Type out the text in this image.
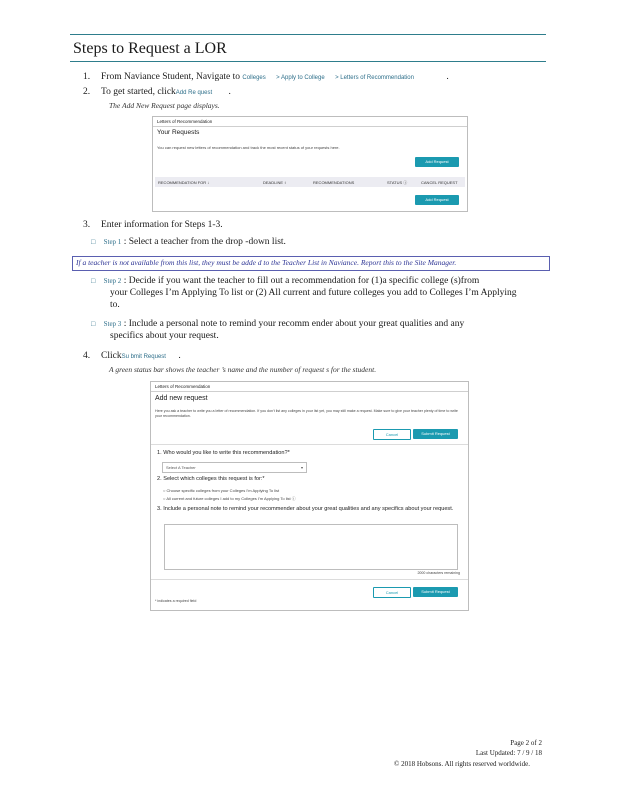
Steps to Request a LOR
1. From Naviance Student, Navigate to Colleges > Apply to College > Letters of Recommendation	.
2. To get started, clickAdd Re quest .
The Add New Request page displays.
Letters of Recommendation
Your Requests
You can request new letters of recommendation and track the most recent status of your requests here.
Add Request
RECOMMENDATION FOR ↓	DEADLINE ↕	RECOMMENDATIONS	STATUS ⓘ	CANCEL REQUEST
Add Request
3. Enter information for Steps 1-3.
□ Step 1 : Select a teacher from the drop -down list.
If a teacher is not available from this list, they must be adde d to the Teacher List in Naviance. Report this to the Site Manager.
□ Step 2 : Decide if you want the teacher to fill out a recommendation for (1)a specific college (s)from
your Colleges I’m Applying To list or (2) All current and future colleges you add to Colleges I’m Applying
to.
□ Step 3 : Include a personal note to remind your recomm ender about your great qualities and any
specifics about your request.
4. ClickSu bmit Request .
A green status bar shows the teacher ’s name and the number of request s for the student.
Letters of Recommendation
Add new request
Here you ask a teacher to write you a letter of recommendation. If you don't list any colleges in your list yet, you may still make a request. Make sure to give your teacher plenty of time to write your recommendation.
Cancel	Submit Request
1. Who would you like to write this recommendation?*
Select A Teacher	▾
2. Select which colleges this request is for:*
○ Choose specific colleges from your Colleges I'm Applying To list
○ All current and future colleges I add to my Colleges I'm Applying To list ⓘ
3. Include a personal note to remind your recommender about your great qualities and any specifics about your request.
2000 characters remaining
Cancel	Submit Request
* indicates a required field
Page 2 of 2
Last Updated: 7 / 9 / 18
© 2018 Hobsons. All rights reserved worldwide.
